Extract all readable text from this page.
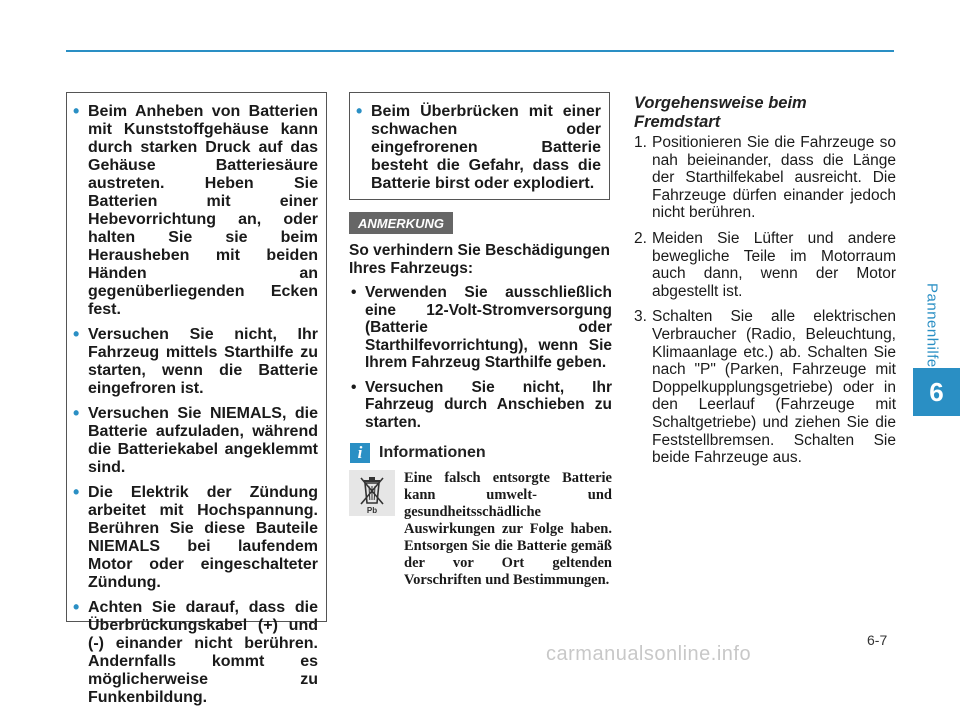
Pannenhilfe
6
• Beim Anheben von Batterien mit Kunststoffgehäuse kann durch starken Druck auf das Gehäuse Batteriesäure austreten. Heben Sie Batterien mit einer Hebevorrichtung an, oder halten Sie sie beim Herausheben mit beiden Händen an gegenüberliegenden Ecken fest.
• Versuchen Sie nicht, Ihr Fahrzeug mittels Starthilfe zu starten, wenn die Batterie eingefroren ist.
• Versuchen Sie NIEMALS, die Batterie aufzuladen, während die Batteriekabel angeklemmt sind.
• Die Elektrik der Zündung arbeitet mit Hochspannung. Berühren Sie diese Bauteile NIEMALS bei laufendem Motor oder eingeschalteter Zündung.
• Achten Sie darauf, dass die Überbrückungskabel (+) und (-) einander nicht berühren. Andernfalls kommt es möglicherweise zu Funkenbildung.
• Beim Überbrücken mit einer schwachen oder eingefrorenen Batterie besteht die Gefahr, dass die Batterie birst oder explodiert.
ANMERKUNG

So verhindern Sie Beschädigungen Ihres Fahrzeugs:

• Verwenden Sie ausschließlich eine 12-Volt-Stromversorgung (Batterie oder Starthilfevorrichtung), wenn Sie Ihrem Fahrzeug Starthilfe geben.
• Versuchen Sie nicht, Ihr Fahrzeug durch Anschieben zu starten.
i	Informationen
Pb
Eine falsch entsorgte Batterie kann umwelt- und gesundheitsschädliche Auswirkungen zur Folge haben. Entsorgen Sie die Batterie gemäß der vor Ort geltenden Vorschriften und Bestimmungen.
Vorgehensweise beim Fremdstart
1. Positionieren Sie die Fahrzeuge so nah beieinander, dass die Länge der Starthilfekabel ausreicht. Die Fahrzeuge dürfen einander jedoch nicht berühren.
2. Meiden Sie Lüfter und andere bewegliche Teile im Motorraum auch dann, wenn der Motor abgestellt ist.
3. Schalten Sie alle elektrischen Verbraucher (Radio, Beleuchtung, Klimaanlage etc.) ab. Schalten Sie nach "P" (Parken, Fahrzeuge mit Doppelkupplungsgetriebe) oder in den Leerlauf (Fahrzeuge mit Schaltgetriebe) und ziehen Sie die Feststellbremsen. Schalten Sie beide Fahrzeuge aus.
6-7
carmanualsonline.info
